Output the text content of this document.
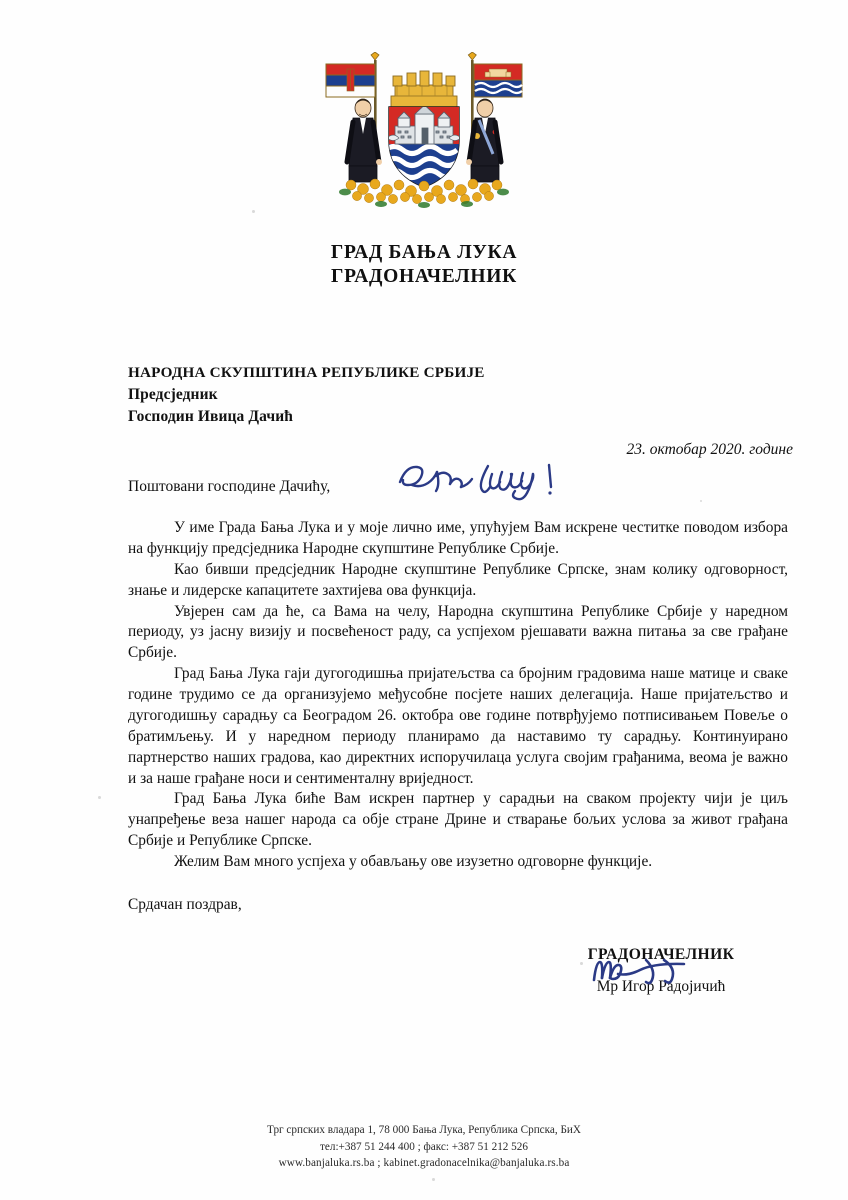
ГРАД БАЊА ЛУКА
ГРАДОНАЧЕЛНИК
НАРОДНА СКУПШТИНА РЕПУБЛИКЕ СРБИЈЕ
Предсједник
Господин Ивица Дачић
23. октобар 2020. године
Поштовани господине Дачићу,

У име Града Бања Лука и у моје лично име, упућујем Вам искрене честитке поводом избора на функцију предсједника Народне скупштине Републике Србије.

Као бивши предсједник Народне скупштине Републике Српске, знам колику одговорност, знање и лидерске капацитете захтијева ова функција.

Увјерен сам да ће, са Вама на челу, Народна скупштина Републике Србије у наредном периоду, уз јасну визију и посвећеност раду, са успјехом рјешавати важна питања за све грађане Србије.

Град Бања Лука гаји дугогодишња пријатељства са бројним градовима наше матице и сваке године трудимо се да организујемо међусобне посјете наших делегација. Наше пријатељство и дугогодишњу сарадњу са Београдом 26. октобра ове године потврђујемо потписивањем Повеље о братимљењу. И у наредном периоду планирамо да наставимо ту сарадњу. Континуирано партнерство наших градова, као директних испоручилаца услуга својим грађанима, веома је важно и за наше грађане носи и сентименталну вриједност.

Град Бања Лука биће Вам искрен партнер у сарадњи на сваком пројекту чији је циљ унапређење веза нашег народа са обје стране Дрине и стварање бољих услова за живот грађана Србије и Републике Српске.

Желим Вам много успјеха у обављању ове изузетно одговорне функције.

Срдачан поздрав,
ГРАДОНАЧЕЛНИК
Мр Игор Радојичић
Трг српских владара 1, 78 000 Бања Лука, Република Српска, БиХ
тел:+387 51 244 400 ; факс: +387 51 212 526
www.banjaluka.rs.ba ; kabinet.gradonacelnika@banjaluka.rs.ba
